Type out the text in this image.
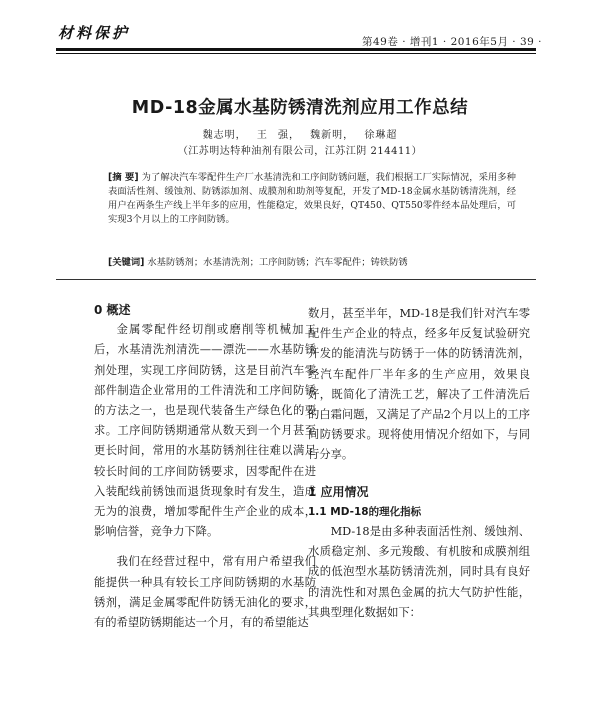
材料保护	第49卷 · 增刊1 · 2016年5月 · 39 ·
MD-18金属水基防锈清洗剂应用工作总结
魏志明， 王 强， 魏新明， 徐琳超
（江苏明达特种油剂有限公司，江苏江阴 214411）
[摘 要] 为了解决汽车零配件生产厂水基清洗和工序间防锈问题，我们根据工厂实际情况，采用多种表面活性剂、缓蚀剂、防锈添加剂、成膜剂和助剂等复配，开发了MD-18金属水基防锈清洗剂，经用户在两条生产线上半年多的应用，性能稳定，效果良好，QT450、QT550零件经本品处理后，可实现3个月以上的工序间防锈。
[关键词] 水基防锈剂；水基清洗剂；工序间防锈；汽车零配件；铸铁防锈

0 概述

金属零配件经切削或磨削等机械加工后，水基清洗剂清洗——漂洗——水基防锈剂处理，实现工序间防锈，这是目前汽车零部件制造企业常用的工件清洗和工序间防锈的方法之一，也是现代装备生产绿色化的要求。工序间防锈期通常从数天到一个月甚至更长时间，常用的水基防锈剂往往难以满足较长时间的工序间防锈要求，因零配件在进入装配线前锈蚀而退货现象时有发生，造成无为的浪费，增加零配件生产企业的成本，影响信誉，竞争力下降。

我们在经营过程中，常有用户希望我们能提供一种具有较长工序间防锈期的水基防锈剂，满足金属零配件防锈无油化的要求，有的希望防锈期能达一个月，有的希望能达

数月，甚至半年，MD-18是我们针对汽车零配件生产企业的特点，经多年反复试验研究开发的能清洗与防锈于一体的防锈清洗剂，经汽车配件厂半年多的生产应用，效果良好，既简化了清洗工艺，解决了工件清洗后的白霜问题，又满足了产品2个月以上的工序间防锈要求。现将使用情况介绍如下，与同行分享。

1 应用情况

1.1 MD-18的理化指标

MD-18是由多种表面活性剂、缓蚀剂、水质稳定剂、多元羧酸、有机胺和成膜剂组成的低泡型水基防锈清洗剂，同时具有良好的清洗性和对黑色金属的抗大气防护性能，其典型理化数据如下：
